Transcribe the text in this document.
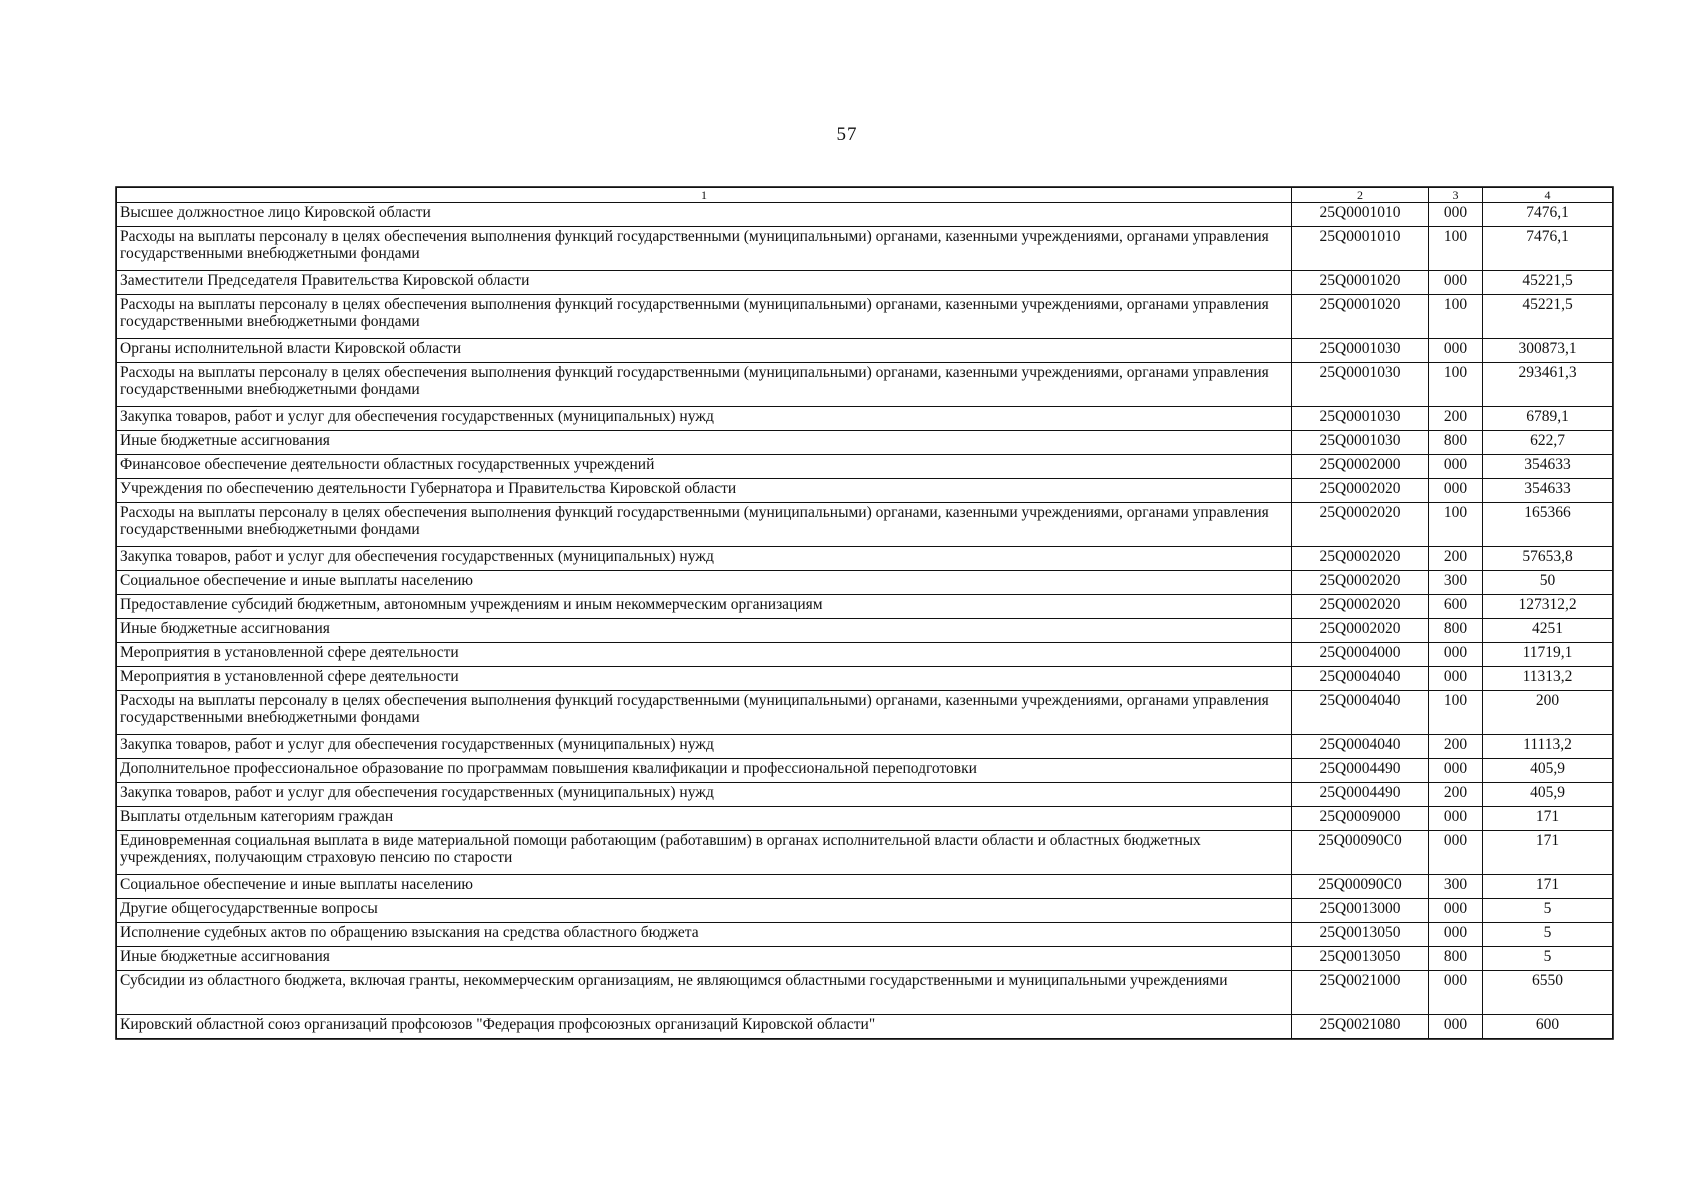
57
1	2	3	4
Высшее должностное лицо Кировской области	25Q0001010	000	7476,1
Расходы на выплаты персоналу в целях обеспечения выполнения функций государственными (муниципальными) органами, казенными учреждениями, органами управления государственными внебюджетными фондами	25Q0001010	100	7476,1
Заместители Председателя Правительства Кировской области	25Q0001020	000	45221,5
Расходы на выплаты персоналу в целях обеспечения выполнения функций государственными (муниципальными) органами, казенными учреждениями, органами управления государственными внебюджетными фондами	25Q0001020	100	45221,5
Органы исполнительной власти Кировской области	25Q0001030	000	300873,1
Расходы на выплаты персоналу в целях обеспечения выполнения функций государственными (муниципальными) органами, казенными учреждениями, органами управления государственными внебюджетными фондами	25Q0001030	100	293461,3
Закупка товаров, работ и услуг для обеспечения государственных (муниципальных) нужд	25Q0001030	200	6789,1
Иные бюджетные ассигнования	25Q0001030	800	622,7
Финансовое обеспечение деятельности областных государственных учреждений	25Q0002000	000	354633
Учреждения по обеспечению деятельности Губернатора и Правительства Кировской области	25Q0002020	000	354633
Расходы на выплаты персоналу в целях обеспечения выполнения функций государственными (муниципальными) органами, казенными учреждениями, органами управления государственными внебюджетными фондами	25Q0002020	100	165366
Закупка товаров, работ и услуг для обеспечения государственных (муниципальных) нужд	25Q0002020	200	57653,8
Социальное обеспечение и иные выплаты населению	25Q0002020	300	50
Предоставление субсидий бюджетным, автономным учреждениям и иным некоммерческим организациям	25Q0002020	600	127312,2
Иные бюджетные ассигнования	25Q0002020	800	4251
Мероприятия в установленной сфере деятельности	25Q0004000	000	11719,1
Мероприятия в установленной сфере деятельности	25Q0004040	000	11313,2
Расходы на выплаты персоналу в целях обеспечения выполнения функций государственными (муниципальными) органами, казенными учреждениями, органами управления государственными внебюджетными фондами	25Q0004040	100	200
Закупка товаров, работ и услуг для обеспечения государственных (муниципальных) нужд	25Q0004040	200	11113,2
Дополнительное профессиональное образование по программам повышения квалификации и профессиональной переподготовки	25Q0004490	000	405,9
Закупка товаров, работ и услуг для обеспечения государственных (муниципальных) нужд	25Q0004490	200	405,9
Выплаты отдельным категориям граждан	25Q0009000	000	171
Единовременная социальная выплата в виде материальной помощи работающим (работавшим) в органах исполнительной власти области и областных бюджетных учреждениях, получающим страховую пенсию по старости	25Q00090C0	000	171
Социальное обеспечение и иные выплаты населению	25Q00090C0	300	171
Другие общегосударственные вопросы	25Q0013000	000	5
Исполнение судебных актов по обращению взыскания на средства областного бюджета	25Q0013050	000	5
Иные бюджетные ассигнования	25Q0013050	800	5
Субсидии из областного бюджета, включая гранты, некоммерческим организациям, не являющимся областными государственными и муниципальными учреждениями	25Q0021000	000	6550
Кировский областной союз организаций профсоюзов "Федерация профсоюзных организаций Кировской области"	25Q0021080	000	600
